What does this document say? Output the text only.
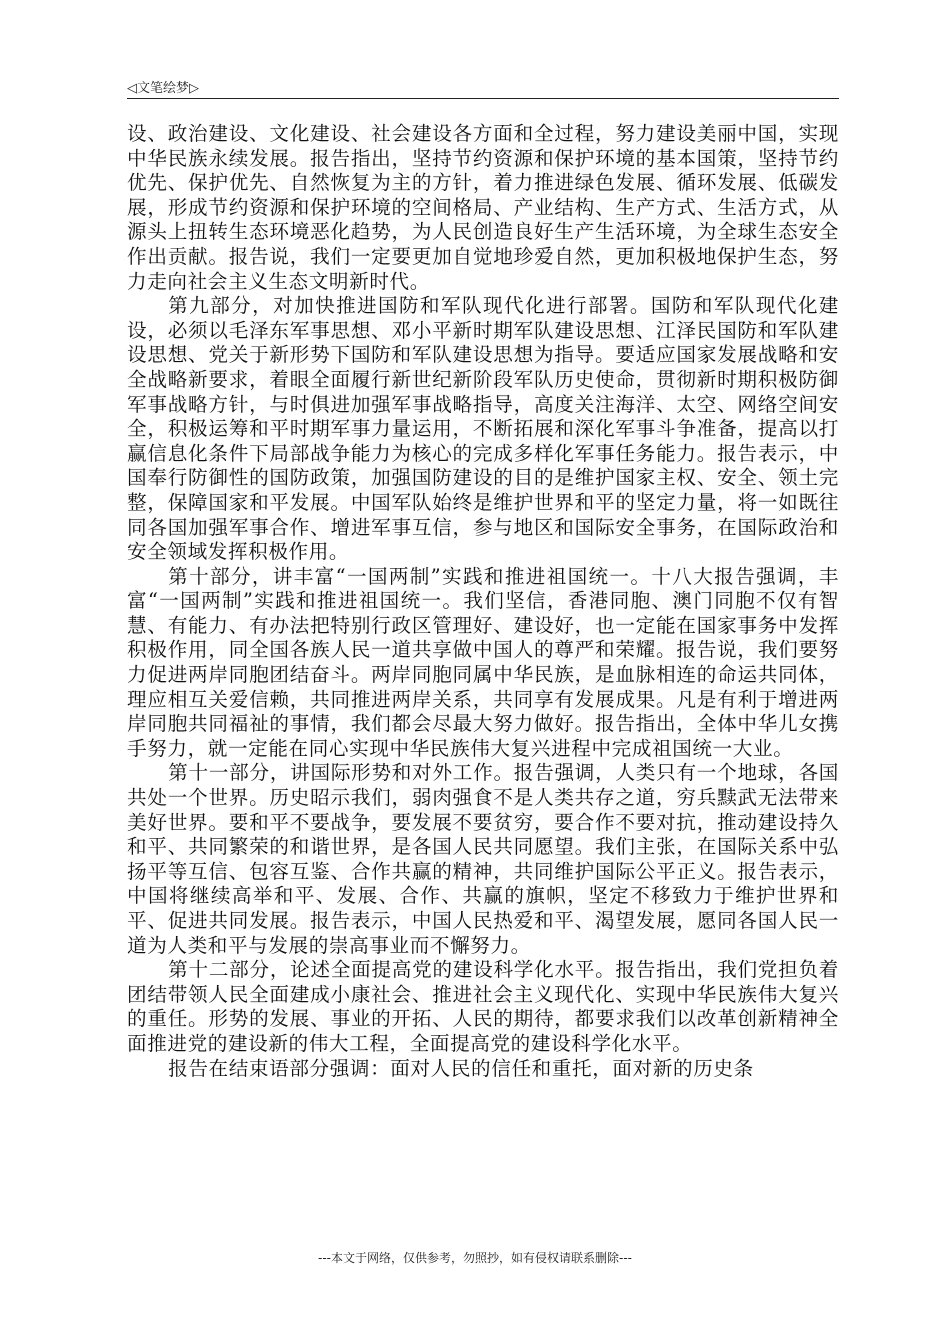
◁文笔绘梦▷

设、政治建设、文化建设、社会建设各方面和全过程，努力建设美丽中国，实现中华民族永续发展。报告指出，坚持节约资源和保护环境的基本国策，坚持节约优先、保护优先、自然恢复为主的方针，着力推进绿色发展、循环发展、低碳发展，形成节约资源和保护环境的空间格局、产业结构、生产方式、生活方式，从源头上扭转生态环境恶化趋势，为人民创造良好生产生活环境，为全球生态安全作出贡献。报告说，我们一定要更加自觉地珍爱自然，更加积极地保护生态，努力走向社会主义生态文明新时代。

第九部分，对加快推进国防和军队现代化进行部署。国防和军队现代化建设，必须以毛泽东军事思想、邓小平新时期军队建设思想、江泽民国防和军队建设思想、党关于新形势下国防和军队建设思想为指导。要适应国家发展战略和安全战略新要求，着眼全面履行新世纪新阶段军队历史使命，贯彻新时期积极防御军事战略方针，与时俱进加强军事战略指导，高度关注海洋、太空、网络空间安全，积极运筹和平时期军事力量运用，不断拓展和深化军事斗争准备，提高以打赢信息化条件下局部战争能力为核心的完成多样化军事任务能力。报告表示，中国奉行防御性的国防政策，加强国防建设的目的是维护国家主权、安全、领土完整，保障国家和平发展。中国军队始终是维护世界和平的坚定力量，将一如既往同各国加强军事合作、增进军事互信，参与地区和国际安全事务，在国际政治和安全领域发挥积极作用。

第十部分，讲丰富“一国两制”实践和推进祖国统一。十八大报告强调，丰富“一国两制”实践和推进祖国统一。我们坚信，香港同胞、澳门同胞不仅有智慧、有能力、有办法把特别行政区管理好、建设好，也一定能在国家事务中发挥积极作用，同全国各族人民一道共享做中国人的尊严和荣耀。报告说，我们要努力促进两岸同胞团结奋斗。两岸同胞同属中华民族，是血脉相连的命运共同体，理应相互关爱信赖，共同推进两岸关系，共同享有发展成果。凡是有利于增进两岸同胞共同福祉的事情，我们都会尽最大努力做好。报告指出，全体中华儿女携手努力，就一定能在同心实现中华民族伟大复兴进程中完成祖国统一大业。

第十一部分，讲国际形势和对外工作。报告强调，人类只有一个地球，各国共处一个世界。历史昭示我们，弱肉强食不是人类共存之道，穷兵黩武无法带来美好世界。要和平不要战争，要发展不要贫穷，要合作不要对抗，推动建设持久和平、共同繁荣的和谐世界，是各国人民共同愿望。我们主张，在国际关系中弘扬平等互信、包容互鉴、合作共赢的精神，共同维护国际公平正义。报告表示，中国将继续高举和平、发展、合作、共赢的旗帜，坚定不移致力于维护世界和平、促进共同发展。报告表示，中国人民热爱和平、渴望发展，愿同各国人民一道为人类和平与发展的崇高事业而不懈努力。

第十二部分，论述全面提高党的建设科学化水平。报告指出，我们党担负着团结带领人民全面建成小康社会、推进社会主义现代化、实现中华民族伟大复兴的重任。形势的发展、事业的开拓、人民的期待，都要求我们以改革创新精神全面推进党的建设新的伟大工程，全面提高党的建设科学化水平。

报告在结束语部分强调：面对人民的信任和重托，面对新的历史条

---本文于网络，仅供参考，勿照抄，如有侵权请联系删除---
